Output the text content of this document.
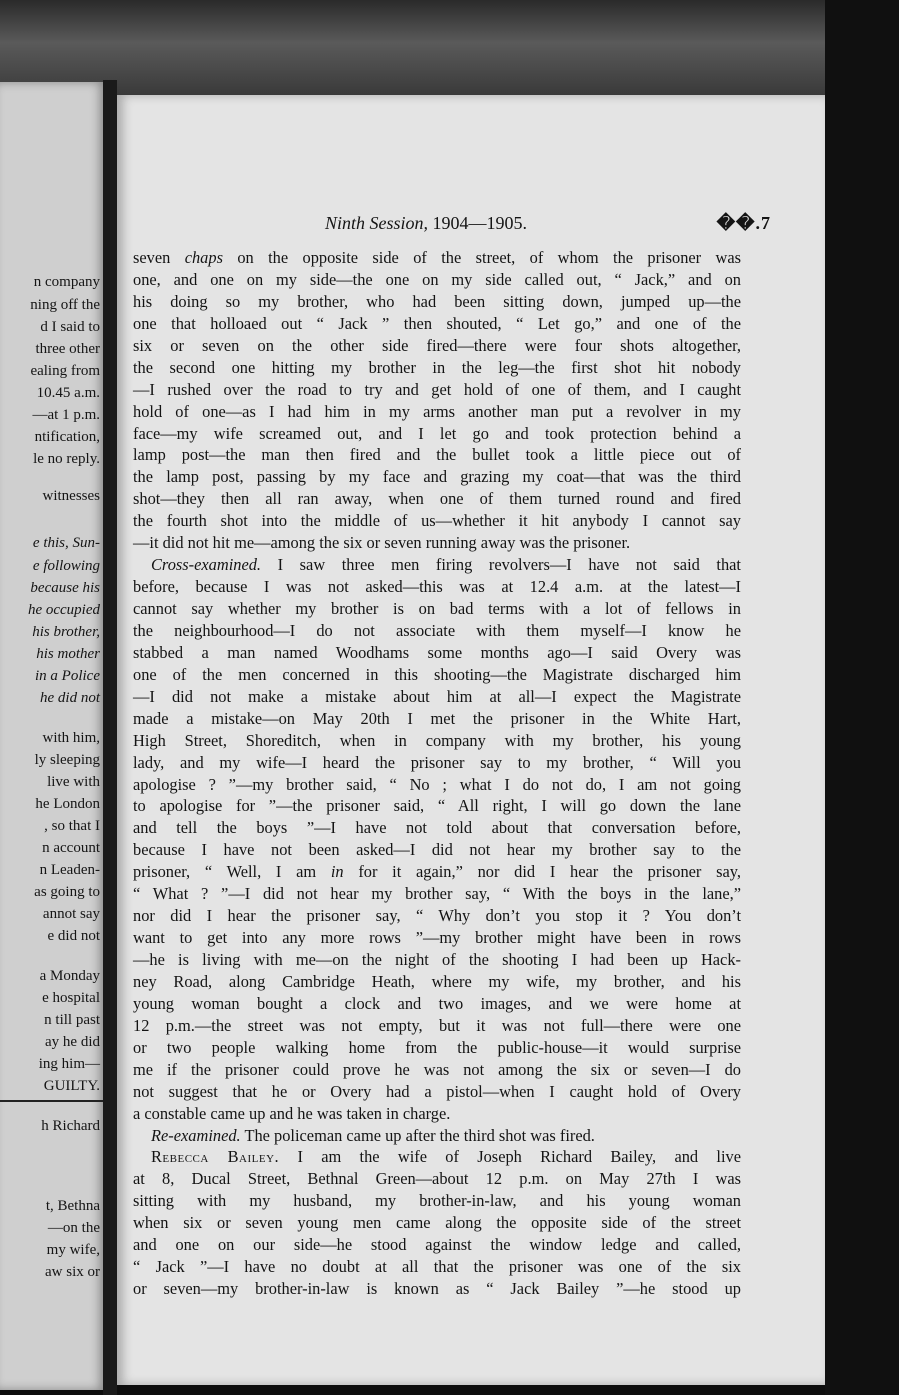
n company

ning off the

d I said to

three other

ealing from

10.45 a.m.

—at 1 p.m.

ntification,

le no reply.

witnesses

e this, Sun-

e following

because his

he occupied

his brother,

his mother

in a Police

he did not

with him,

ly sleeping

live with

he London

, so that I

n account

n Leaden-

as going to

annot say

e did not

a Monday

e hospital

n till past

ay he did

ing him—

GUILTY.

h Richard

t, Bethna

—on the

my wife,

aw six or

Ninth Session, 1904—1905.	��.7
seven chaps on the opposite side of the street, of whom the prisoner was
one, and one on my side—the one on my side called out, “ Jack,” and on
his doing so my brother, who had been sitting down, jumped up—the
one that holloaed out “ Jack ” then shouted, “ Let go,” and one of the
six or seven on the other side fired—there were four shots altogether,
the second one hitting my brother in the leg—the first shot hit nobody
—I rushed over the road to try and get hold of one of them, and I caught
hold of one—as I had him in my arms another man put a revolver in my
face—my wife screamed out, and I let go and took protection behind a
lamp post—the man then fired and the bullet took a little piece out of
the lamp post, passing by my face and grazing my coat—that was the third
shot—they then all ran away, when one of them turned round and fired
the fourth shot into the middle of us—whether it hit anybody I cannot say
—it did not hit me—among the six or seven running away was the prisoner.
Cross-examined. I saw three men firing revolvers—I have not said that
before, because I was not asked—this was at 12.4 a.m. at the latest—I
cannot say whether my brother is on bad terms with a lot of fellows in
the neighbourhood—I do not associate with them myself—I know he
stabbed a man named Woodhams some months ago—I said Overy was
one of the men concerned in this shooting—the Magistrate discharged him
—I did not make a mistake about him at all—I expect the Magistrate
made a mistake—on May 20th I met the prisoner in the White Hart,
High Street, Shoreditch, when in company with my brother, his young
lady, and my wife—I heard the prisoner say to my brother, “ Will you
apologise ? ”—my brother said, “ No ; what I do not do, I am not going
to apologise for ”—the prisoner said, “ All right, I will go down the lane
and tell the boys ”—I have not told about that conversation before,
because I have not been asked—I did not hear my brother say to the
prisoner, “ Well, I am in for it again,” nor did I hear the prisoner say,
“ What ? ”—I did not hear my brother say, “ With the boys in the lane,”
nor did I hear the prisoner say, “ Why don’t you stop it ? You don’t
want to get into any more rows ”—my brother might have been in rows
—he is living with me—on the night of the shooting I had been up Hack-
ney Road, along Cambridge Heath, where my wife, my brother, and his
young woman bought a clock and two images, and we were home at
12 p.m.—the street was not empty, but it was not full—there were one
or two people walking home from the public-house—it would surprise
me if the prisoner could prove he was not among the six or seven—I do
not suggest that he or Overy had a pistol—when I caught hold of Overy
a constable came up and he was taken in charge.
Re-examined. The policeman came up after the third shot was fired.
Rebecca Bailey. I am the wife of Joseph Richard Bailey, and live
at 8, Ducal Street, Bethnal Green—about 12 p.m. on May 27th I was
sitting with my husband, my brother-in-law, and his young woman
when six or seven young men came along the opposite side of the street
and one on our side—he stood against the window ledge and called,
“ Jack ”—I have no doubt at all that the prisoner was one of the six
or seven—my brother-in-law is known as “ Jack Bailey ”—he stood up
